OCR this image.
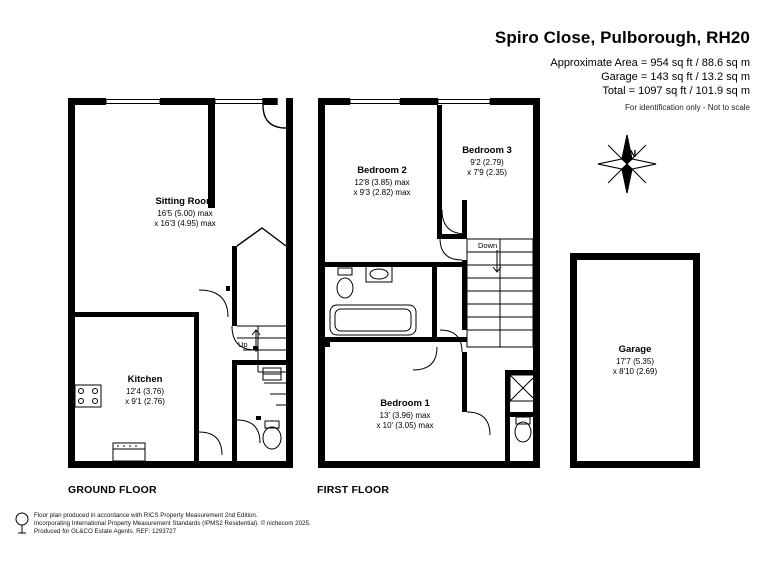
Spiro Close, Pulborough, RH20
Approximate Area = 954 sq ft / 88.6 sq m
Garage = 143 sq ft / 13.2 sq m
Total = 1097 sq ft / 101.9 sq m
For identification only - Not to scale
Sitting Room
16'5 (5.00) max
x 16'3 (4.95) max
Kitchen
12'4 (3.76)
x 9'1 (2.76)
Bedroom 2
12'8 (3.85) max
x 9'3 (2.82) max
Bedroom 3
9'2 (2.79)
x 7'9 (2.35)
Bedroom 1
13' (3.96) max
x 10' (3.05) max
Garage
17'7 (5.35)
x 8'10 (2.69)
Up
Down
GROUND FLOOR	FIRST FLOOR
N
Floor plan produced in accordance with RICS Property Measurement 2nd Edition.
Incorporating International Property Measurement Standards (IPMS2 Residential). © nichecom 2025.
Produced for GL&CO Estate Agents. REF: 1293727
